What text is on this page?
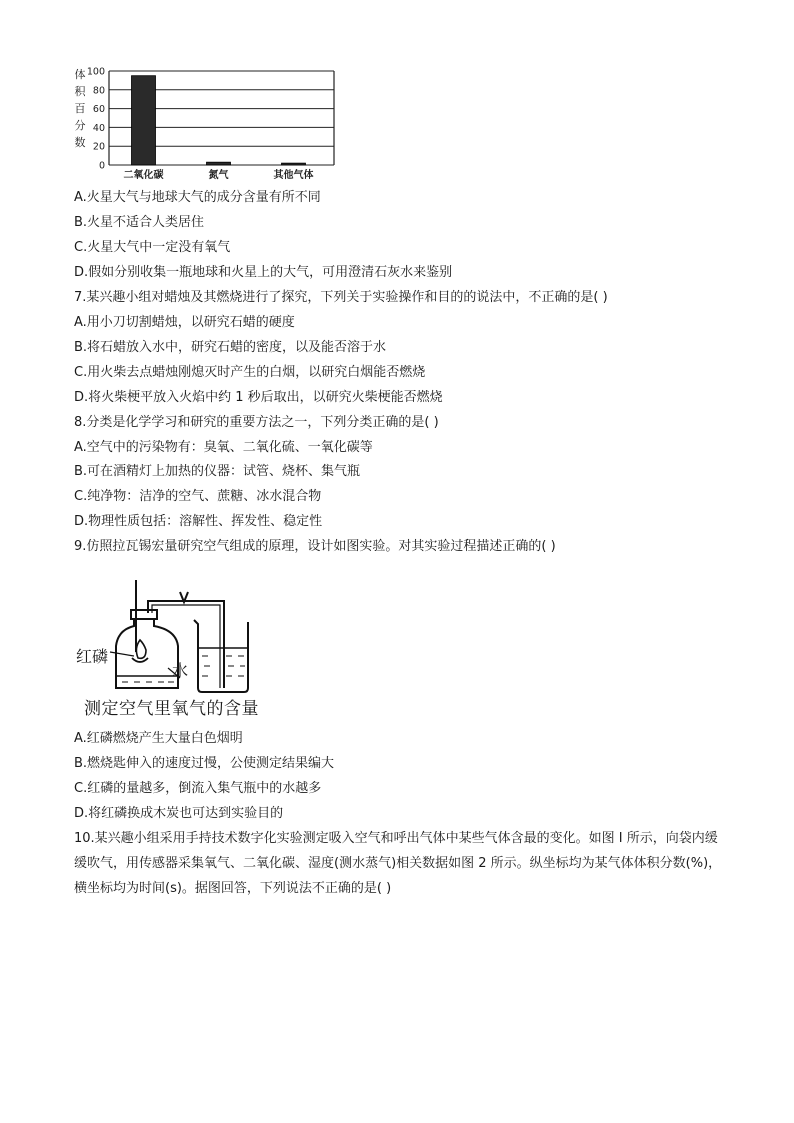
体
积
百
分
数
0
20
40
60
80
100
二氧化碳	氮气	其他气体
A.火星大气与地球大气的成分含量有所不同
B.火星不适合人类居住
C.火星大气中一定没有氧气
D.假如分别收集一瓶地球和火星上的大气，可用澄清石灰水来鉴别
7.某兴趣小组对蜡烛及其燃烧进行了探究，下列关于实验操作和目的的说法中，不正确的是( )
A.用小刀切割蜡烛，以研究石蜡的硬度
B.将石蜡放入水中，研究石蜡的密度，以及能否溶于水
C.用火柴去点蜡烛刚熄灭时产生的白烟，以研究白烟能否燃烧
D.将火柴梗平放入火焰中约 1 秒后取出，以研究火柴梗能否燃烧
8.分类是化学学习和研究的重要方法之一，下列分类正确的是( )
A.空气中的污染物有：臭氧、二氧化硫、一氧化碳等
B.可在酒精灯上加热的仪器：试管、烧杯、集气瓶
C.纯净物：洁净的空气、蔗糖、冰水混合物
D.物理性质包括：溶解性、挥发性、稳定性
9.仿照拉瓦锡宏量研究空气组成的原理，设计如图实验。对其实验过程描述正确的( )
红磷
水
测定空气里氧气的含量
A.红磷燃烧产生大量白色烟明
B.燃烧匙伸入的速度过慢，公使测定结果编大
C.红磷的量越多，倒流入集气瓶中的水越多
D.将红磷换成木炭也可达到实验目的
10.某兴趣小组采用手持技术数字化实验测定吸入空气和呼出气体中某些气体含最的变化。如图 I 所示，向袋内缓缓吹气，用传感器采集氧气、二氧化碳、湿度(测水蒸气)相关数据如图 2 所示。纵坐标均为某气体体积分数(%)，横坐标均为时间(s)。据图回答，下列说法不正确的是( )
